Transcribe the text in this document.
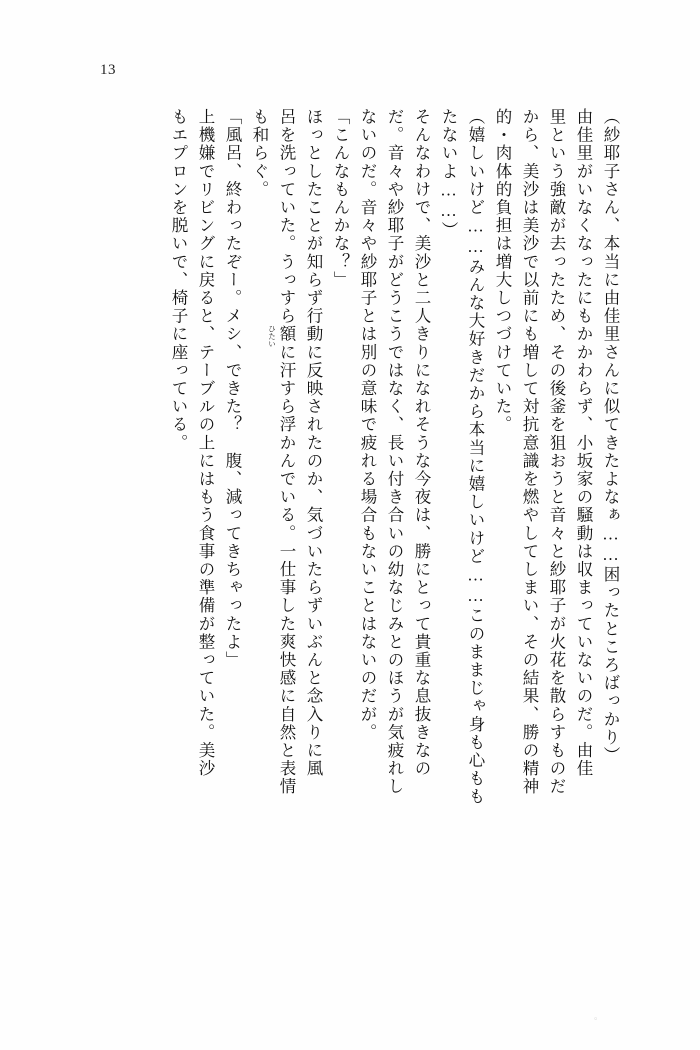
13
（紗耶子さん、本当に由佳里さんに似てきたよなぁ……困ったところばっかり）
由佳里がいなくなったにもかかわらず、小坂家の騒動は収まっていないのだ。由佳
里という強敵が去ったため、その後釜を狙おうと音々と紗耶子が火花を散らすものだ
から、美沙は美沙で以前にも増して対抗意識を燃やしてしまい、その結果、勝の精神
的・肉体的負担は増大しつづけていた。
（嬉しいけど……みんな大好きだから本当に嬉しいけど……このままじゃ身も心もも
たないよ……）
そんなわけで、美沙と二人きりになれそうな今夜は、勝にとって貴重な息抜きなの
だ。音々や紗耶子がどうこうではなく、長い付き合いの幼なじみとのほうが気疲れし
ないのだ。音々や紗耶子とは別の意味で疲れる場合もないことはないのだが。
「こんなもんかな？」
ほっとしたことが知らず行動に反映されたのか、気づいたらずいぶんと念入りに風
呂を洗っていた。うっすら額
ひたい
に汗すら浮かんでいる。一仕事した爽快感に自然と表情
も和らぐ。
「風呂、終わったぞー。メシ、できた？　腹、減ってきちゃったよ」
上機嫌でリビングに戻ると、テーブルの上にはもう食事の準備が整っていた。美沙
もエプロンを脱いで、椅子に座っている。
。
